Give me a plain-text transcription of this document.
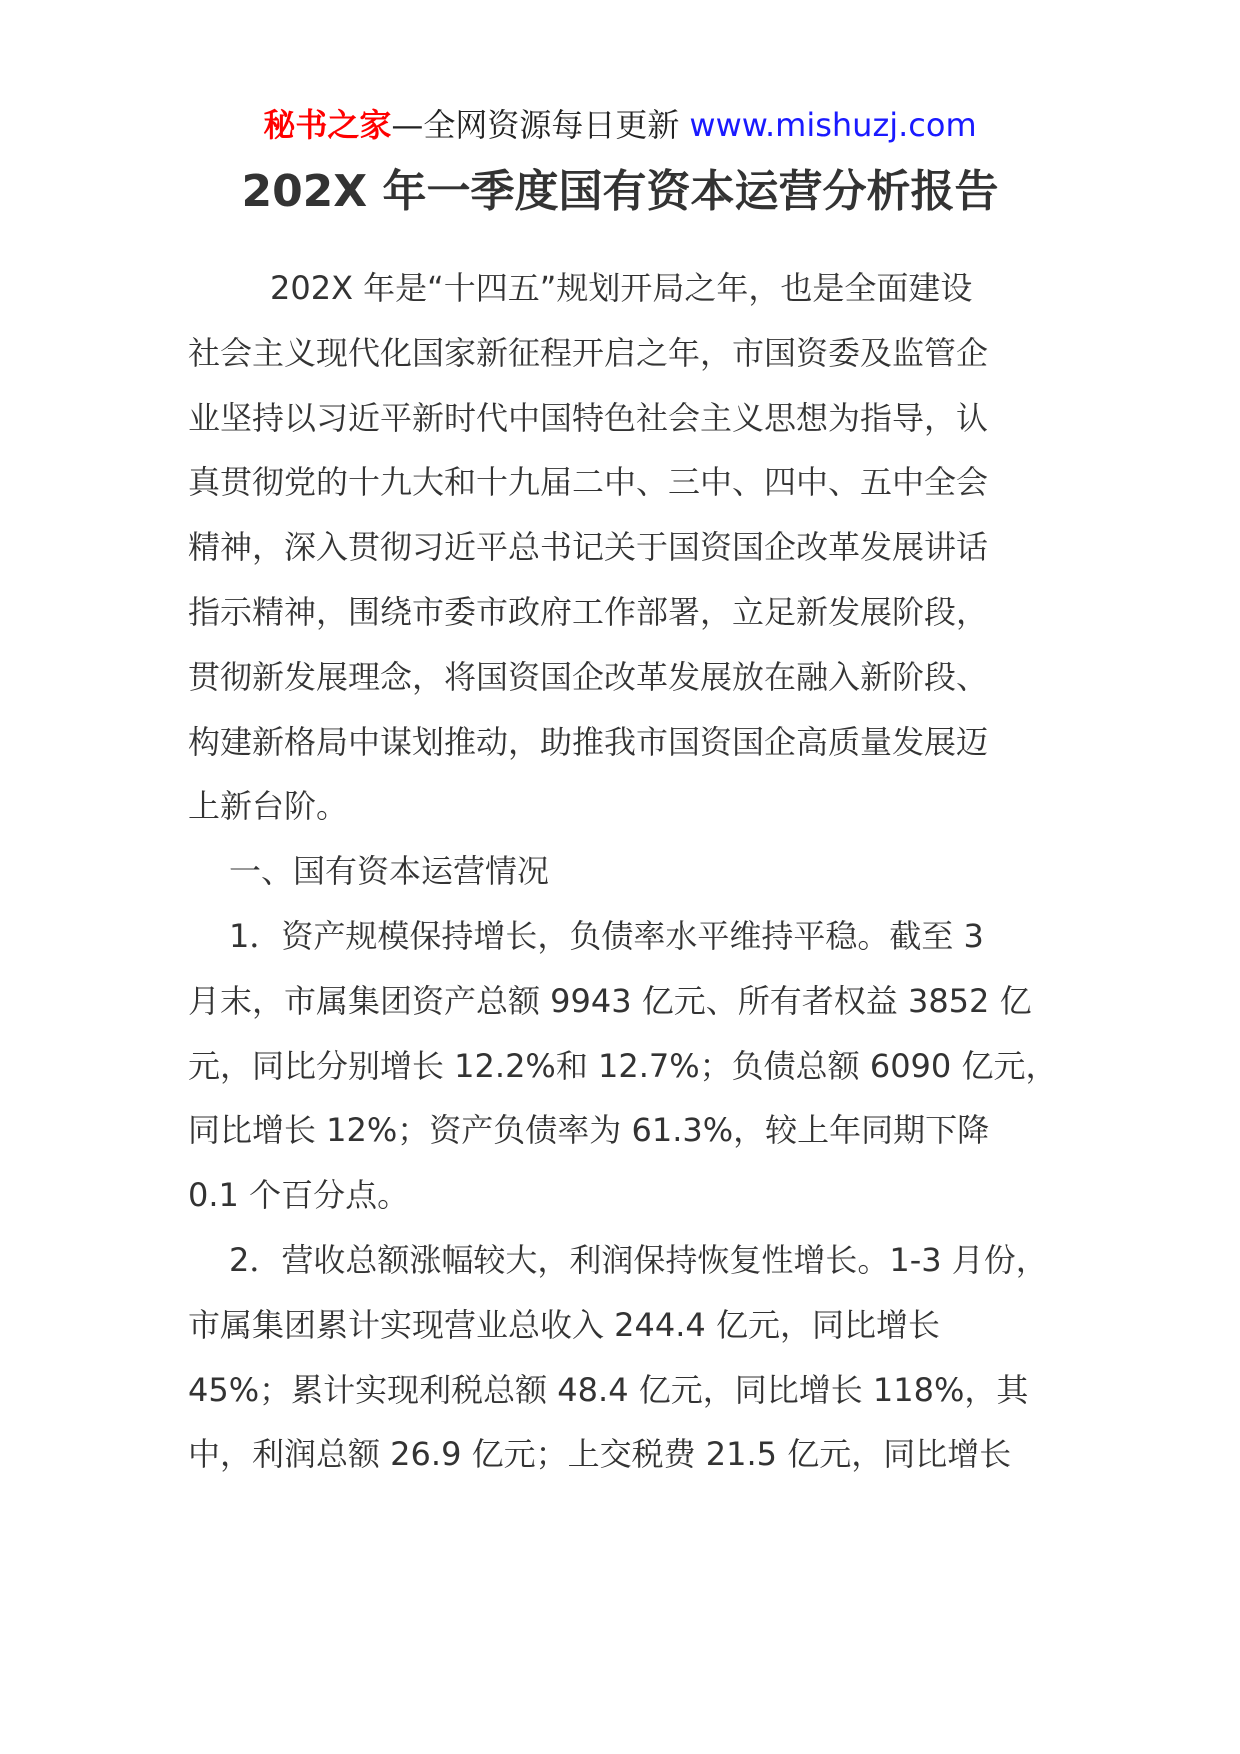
秘书之家—全网资源每日更新 www.mishuzj.com
202X 年一季度国有资本运营分析报告
202X 年是“十四五”规划开局之年，也是全面建设
社会主义现代化国家新征程开启之年，市国资委及监管企
业坚持以习近平新时代中国特色社会主义思想为指导，认
真贯彻党的十九大和十九届二中、三中、四中、五中全会
精神，深入贯彻习近平总书记关于国资国企改革发展讲话
指示精神，围绕市委市政府工作部署，立足新发展阶段，
贯彻新发展理念，将国资国企改革发展放在融入新阶段、
构建新格局中谋划推动，助推我市国资国企高质量发展迈
上新台阶。
一、国有资本运营情况
1．资产规模保持增长，负债率水平维持平稳。截至 3
月末，市属集团资产总额 9943 亿元、所有者权益 3852 亿
元，同比分别增长 12.2%和 12.7%；负债总额 6090 亿元，
同比增长 12%；资产负债率为 61.3%，较上年同期下降
0.1 个百分点。
2．营收总额涨幅较大，利润保持恢复性增长。1-3 月份，
市属集团累计实现营业总收入 244.4 亿元，同比增长
45%；累计实现利税总额 48.4 亿元，同比增长 118%，其
中，利润总额 26.9 亿元；上交税费 21.5 亿元，同比增长
